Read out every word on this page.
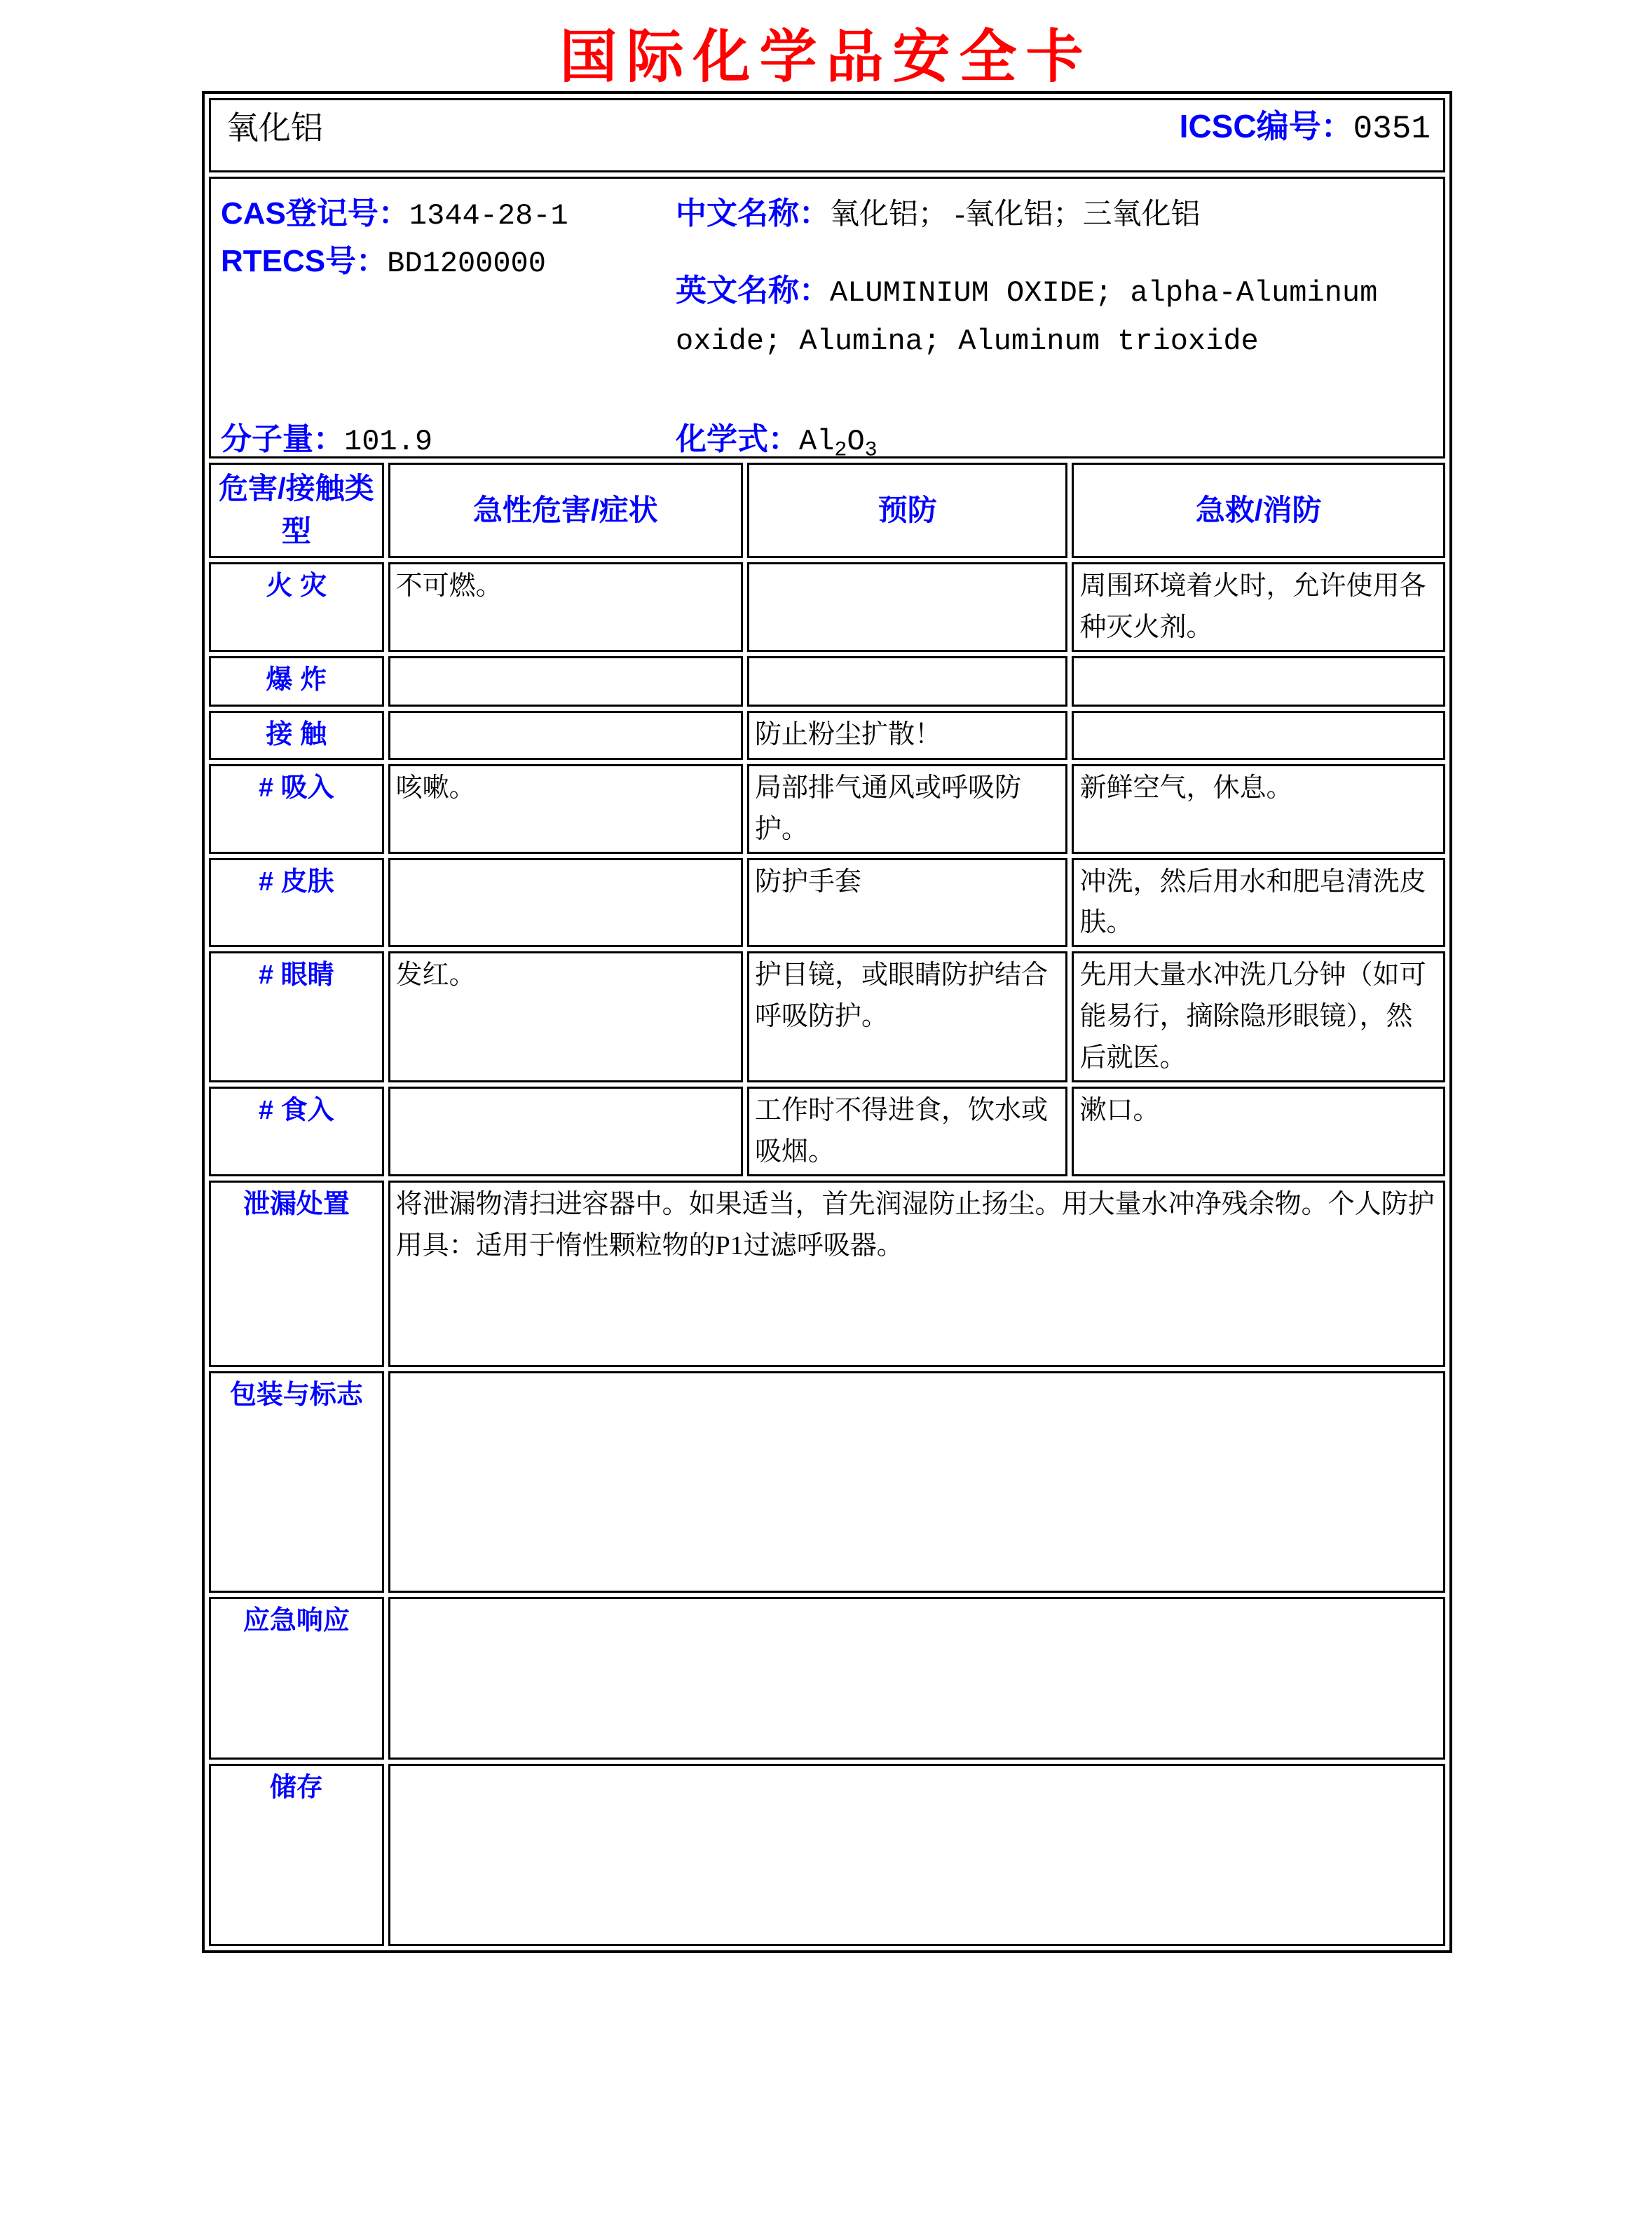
国际化学品安全卡
氧化铝 ICSC编号：0351			

CAS登记号：1344-28-1
RTECS号：BD1200000
中文名称：氧化铝； -氧化铝；三氧化铝
英文名称：ALUMINIUM OXIDE; alpha-Aluminum oxide; Alumina; Aluminum trioxide
分子量：101.9	化学式：$Al_2O_3$

危害/接触类型	急性危害/症状	预防	急救/消防
火 灾	不可燃。		周围环境着火时，允许使用各种灭火剂。
爆 炸			
接 触		防止粉尘扩散！	
# 吸入	咳嗽。	局部排气通风或呼吸防护。	新鲜空气，休息。
# 皮肤		防护手套	冲洗，然后用水和肥皂清洗皮肤。
# 眼睛	发红。	护目镜，或眼睛防护结合呼吸防护。	先用大量水冲洗几分钟（如可能易行，摘除隐形眼镜），然后就医。
# 食入		工作时不得进食，饮水或吸烟。	漱口。
泄漏处置	将泄漏物清扫进容器中。如果适当，首先润湿防止扬尘。用大量水冲净残余物。个人防护用具：适用于惰性颗粒物的P1过滤呼吸器。		
包装与标志			
应急响应			
储存			
